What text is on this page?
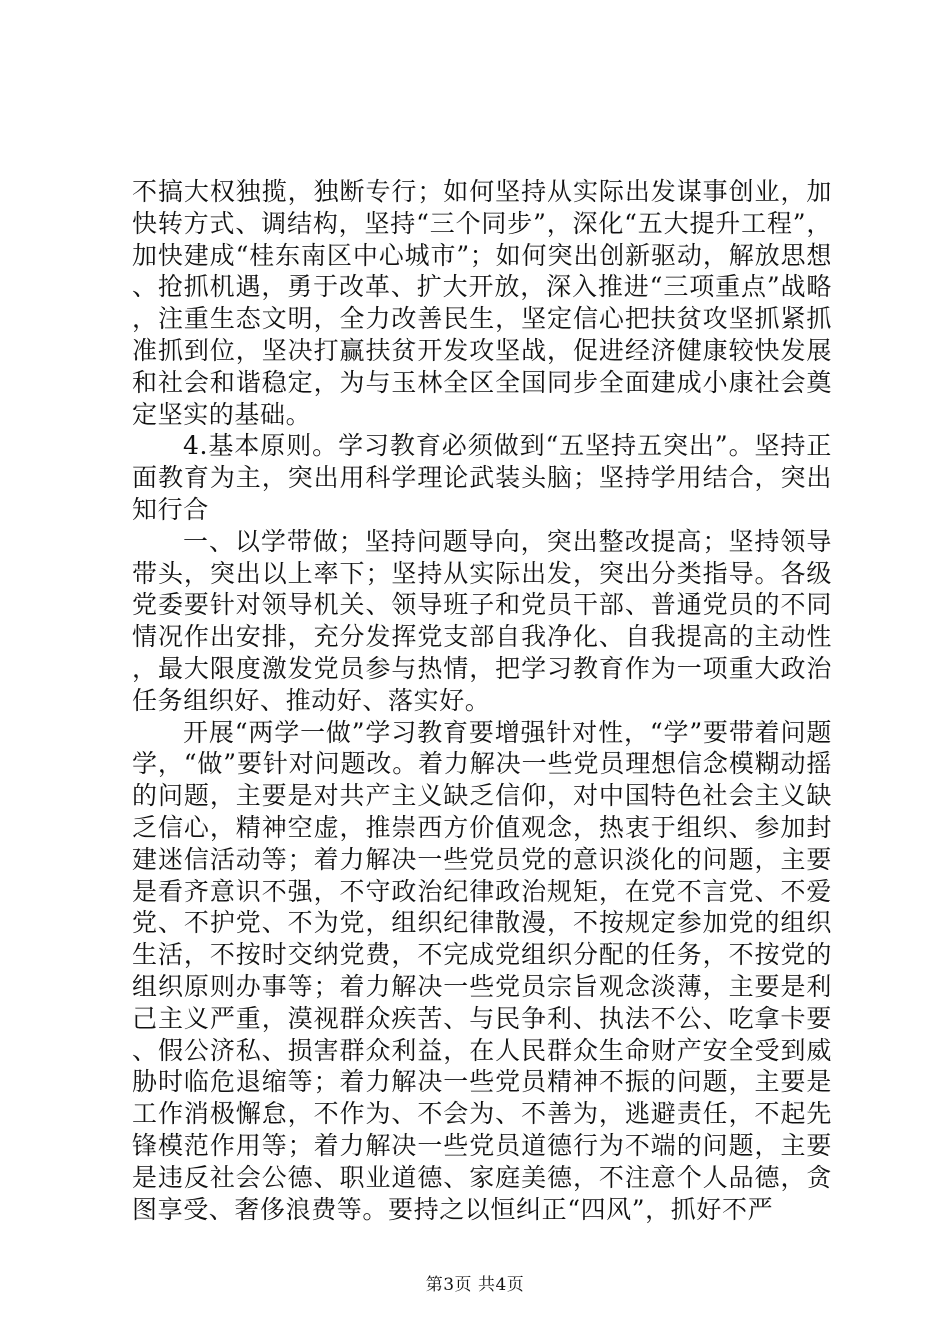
不搞大权独揽，独断专行；如何坚持从实际出发谋事创业，加快转方式、调结构，坚持“三个同步”，深化“五大提升工程”，加快建成“桂东南区中心城市”；如何突出创新驱动，解放思想、抢抓机遇，勇于改革、扩大开放，深入推进“三项重点”战略，注重生态文明，全力改善民生，坚定信心把扶贫攻坚抓紧抓准抓到位，坚决打赢扶贫开发攻坚战，促进经济健康较快发展和社会和谐稳定，为与玉林全区全国同步全面建成小康社会奠定坚实的基础。

4.基本原则。学习教育必须做到“五坚持五突出”。坚持正面教育为主，突出用科学理论武装头脑；坚持学用结合，突出知行合

一、以学带做；坚持问题导向，突出整改提高；坚持领导带头，突出以上率下；坚持从实际出发，突出分类指导。各级党委要针对领导机关、领导班子和党员干部、普通党员的不同情况作出安排，充分发挥党支部自我净化、自我提高的主动性，最大限度激发党员参与热情，把学习教育作为一项重大政治任务组织好、推动好、落实好。

开展“两学一做”学习教育要增强针对性，“学”要带着问题学，“做”要针对问题改。着力解决一些党员理想信念模糊动摇的问题，主要是对共产主义缺乏信仰，对中国特色社会主义缺乏信心，精神空虚，推崇西方价值观念，热衷于组织、参加封建迷信活动等；着力解决一些党员党的意识淡化的问题，主要是看齐意识不强，不守政治纪律政治规矩，在党不言党、不爱党、不护党、不为党，组织纪律散漫，不按规定参加党的组织生活，不按时交纳党费，不完成党组织分配的任务，不按党的组织原则办事等；着力解决一些党员宗旨观念淡薄，主要是利己主义严重，漠视群众疾苦、与民争利、执法不公、吃拿卡要、假公济私、损害群众利益，在人民群众生命财产安全受到威胁时临危退缩等；着力解决一些党员精神不振的问题，主要是工作消极懈怠，不作为、不会为、不善为，逃避责任，不起先锋模范作用等；着力解决一些党员道德行为不端的问题，主要是违反社会公德、职业道德、家庭美德，不注意个人品德，贪图享受、奢侈浪费等。要持之以恒纠正“四风”，抓好不严

第3页 共4页
